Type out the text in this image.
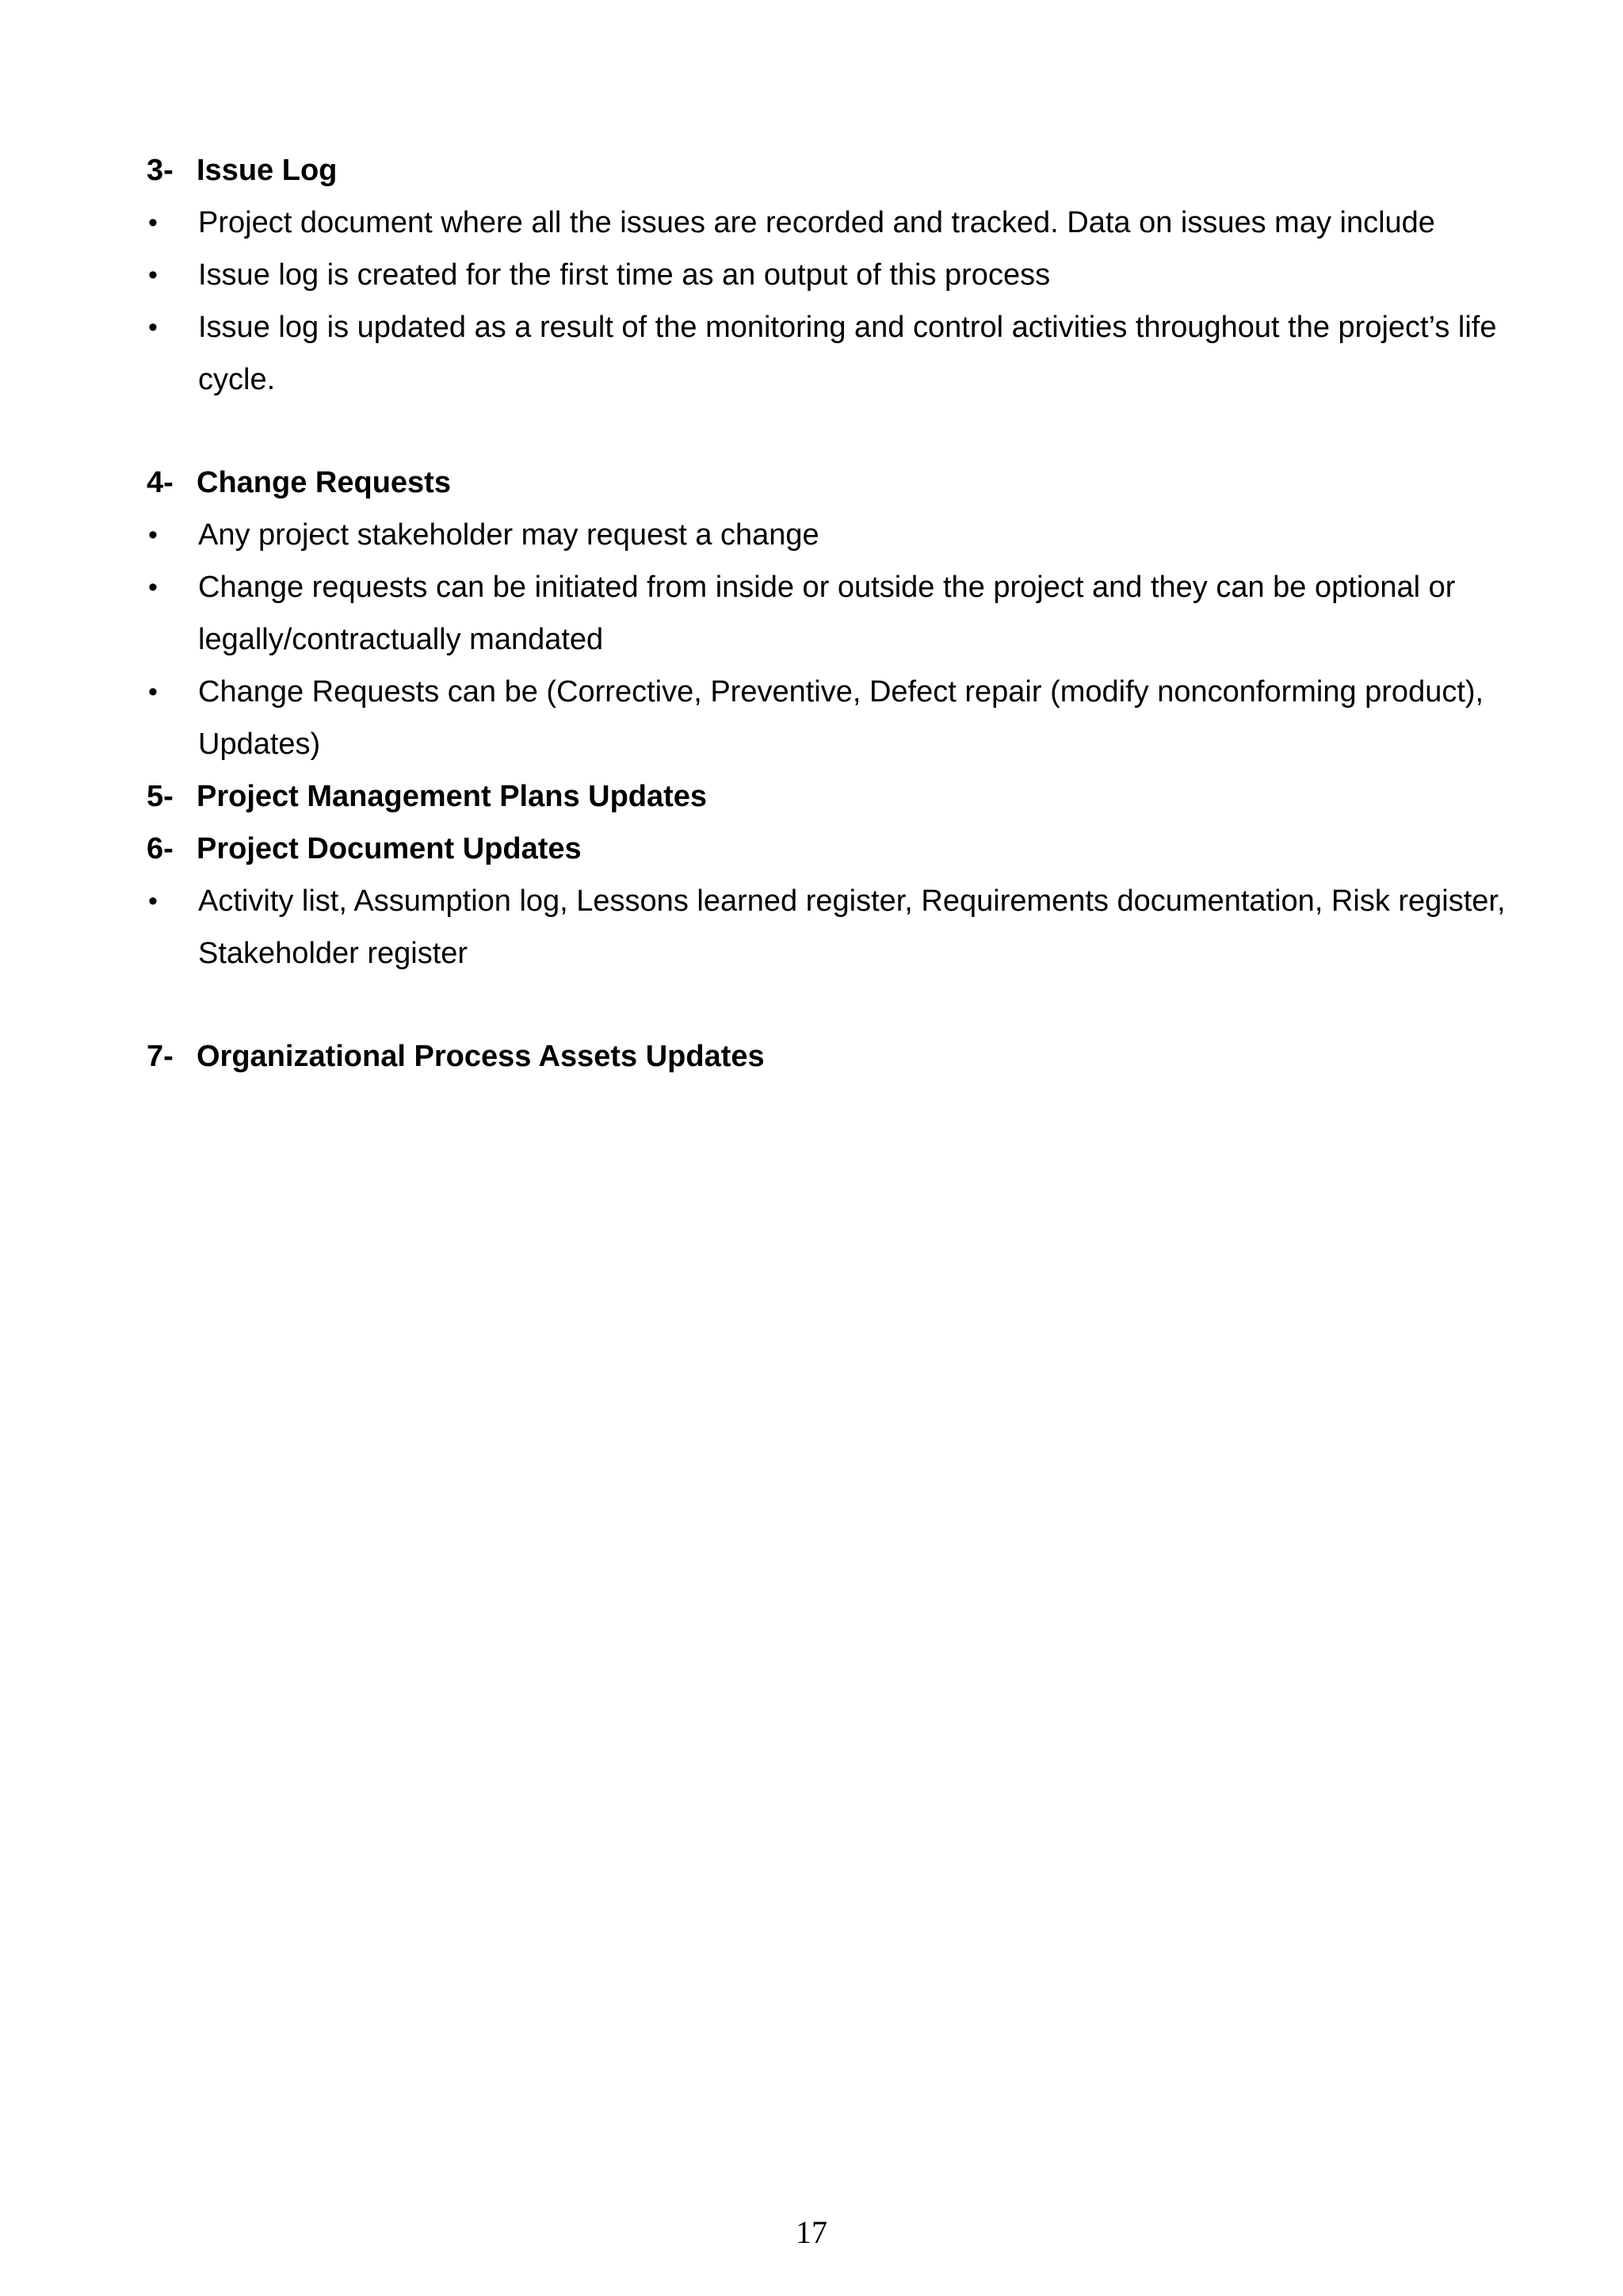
3- Issue Log
•	Project document where all the issues are recorded and tracked. Data on issues may include
•	Issue log is created for the first time as an output of this process
•	Issue log is updated as a result of the monitoring and control activities throughout the project’s life cycle.
4- Change Requests
•	Any project stakeholder may request a change
•	Change requests can be initiated from inside or outside the project and they can be optional or legally/contractually mandated
•	Change Requests can be (Corrective, Preventive, Defect repair (modify nonconforming product), Updates)
5- Project Management Plans Updates
6- Project Document Updates
•	Activity list, Assumption log, Lessons learned register, Requirements documentation, Risk register, Stakeholder register
7- Organizational Process Assets Updates
17
